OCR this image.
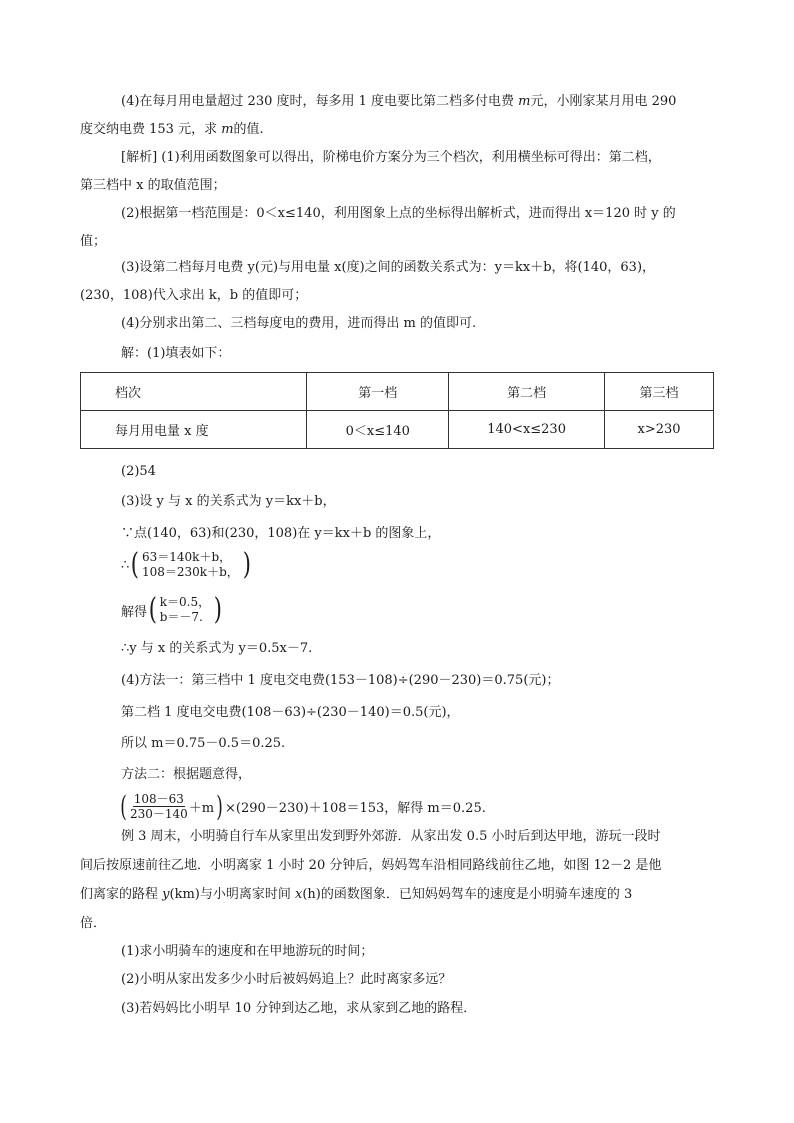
(4)在每月用电量超过 230 度时，每多用 1 度电要比第二档多付电费 m元，小刚家某月用电 290
度交纳电费 153 元，求 m的值.
[解析] (1)利用函数图象可以得出，阶梯电价方案分为三个档次，利用横坐标可得出：第二档，
第三档中 x 的取值范围；
(2)根据第一档范围是：0＜x≤140，利用图象上点的坐标得出解析式，进而得出 x＝120 时 y 的
值；
(3)设第二档每月电费 y(元)与用电量 x(度)之间的函数关系式为：y＝kx＋b，将(140，63)，
(230，108)代入求出 k，b 的值即可；
(4)分别求出第二、三档每度电的费用，进而得出 m 的值即可.
解：(1)填表如下：
档次	第一档	第二档	第三档
每月用电量 x 度	0＜x≤140	140<x≤230	x>230
(2)54
(3)设 y 与 x 的关系式为 y＝kx＋b，
∵点(140，63)和(230，108)在 y＝kx＋b 的图象上，
∴ ( 63＝140k＋b，
108＝230k＋b， )
解得 ( k＝0.5，
b＝－7. )
∴y 与 x 的关系式为 y＝0.5x－7.
(4)方法一：第三档中 1 度电交电费(153－108)÷(290－230)＝0.75(元)；
第二档 1 度电交电费(108－63)÷(230－140)＝0.5(元)，
所以 m＝0.75－0.5＝0.25.
方法二：根据题意得，
( $\frac{108-63}{230-140} +m$ ) ×(290－230)＋108＝153，解得 m＝0.25.
例 3 周末，小明骑自行车从家里出发到野外郊游．从家出发 0.5 小时后到达甲地，游玩一段时
间后按原速前往乙地．小明离家 1 小时 20 分钟后，妈妈驾车沿相同路线前往乙地，如图 12－2 是他
们离家的路程 y(km)与小明离家时间 x(h)的函数图象．已知妈妈驾车的速度是小明骑车速度的 3
倍．
(1)求小明骑车的速度和在甲地游玩的时间；
(2)小明从家出发多少小时后被妈妈追上？此时离家多远？
(3)若妈妈比小明早 10 分钟到达乙地，求从家到乙地的路程．
